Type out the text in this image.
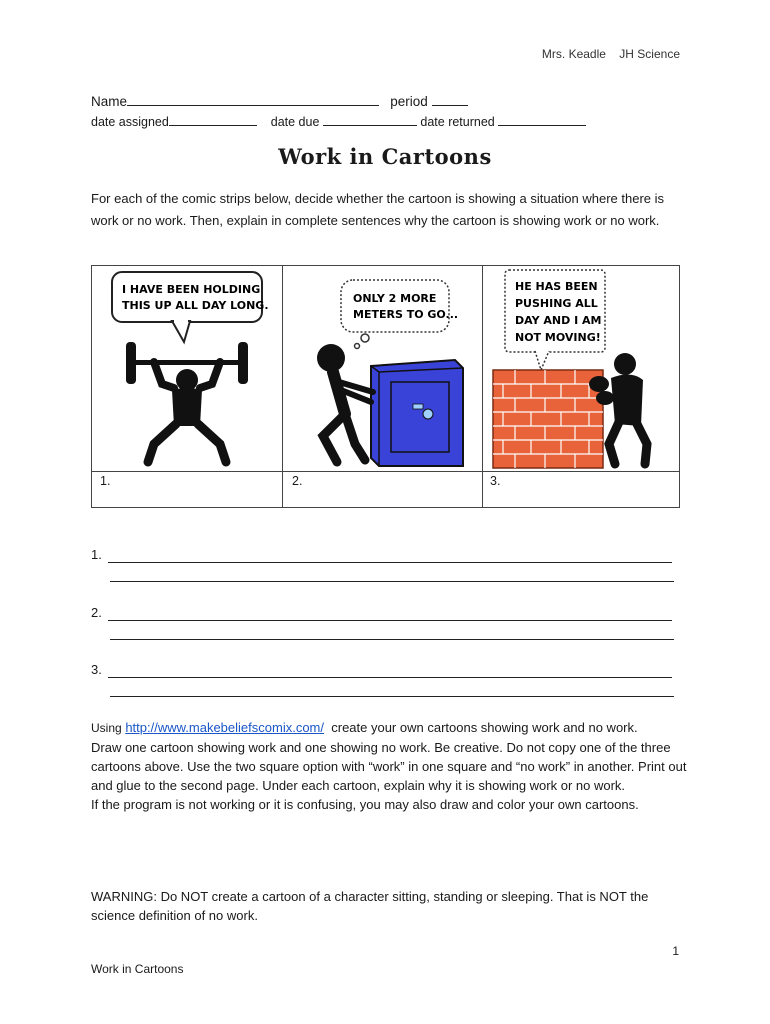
Mrs. Keadle JH Science
Name	period
date assigned	date due	date returned
Work in Cartoons
For each of the comic strips below, decide whether the cartoon is showing a situation where there is work or no work. Then, explain in complete sentences why the cartoon is showing work or no work.
I HAVE BEEN HOLDING
THIS UP ALL DAY LONG.
ONLY 2 MORE
METERS TO GO...
HE HAS BEEN
PUSHING ALL
DAY AND I AM
NOT MOVING!
1.	2.	3.
1.
2.
3.

Using http://www.makebeliefscomix.com/ create your own cartoons showing work and no work.

Draw one cartoon showing work and one showing no work. Be creative. Do not copy one of the three cartoons above. Use the two square option with “work” in one square and “no work” in another. Print out and glue to the second page. Under each cartoon, explain why it is showing work or no work.

If the program is not working or it is confusing, you may also draw and color your own cartoons.

WARNING: Do NOT create a cartoon of a character sitting, standing or sleeping. That is NOT the science definition of no work.
1
Work in Cartoons
